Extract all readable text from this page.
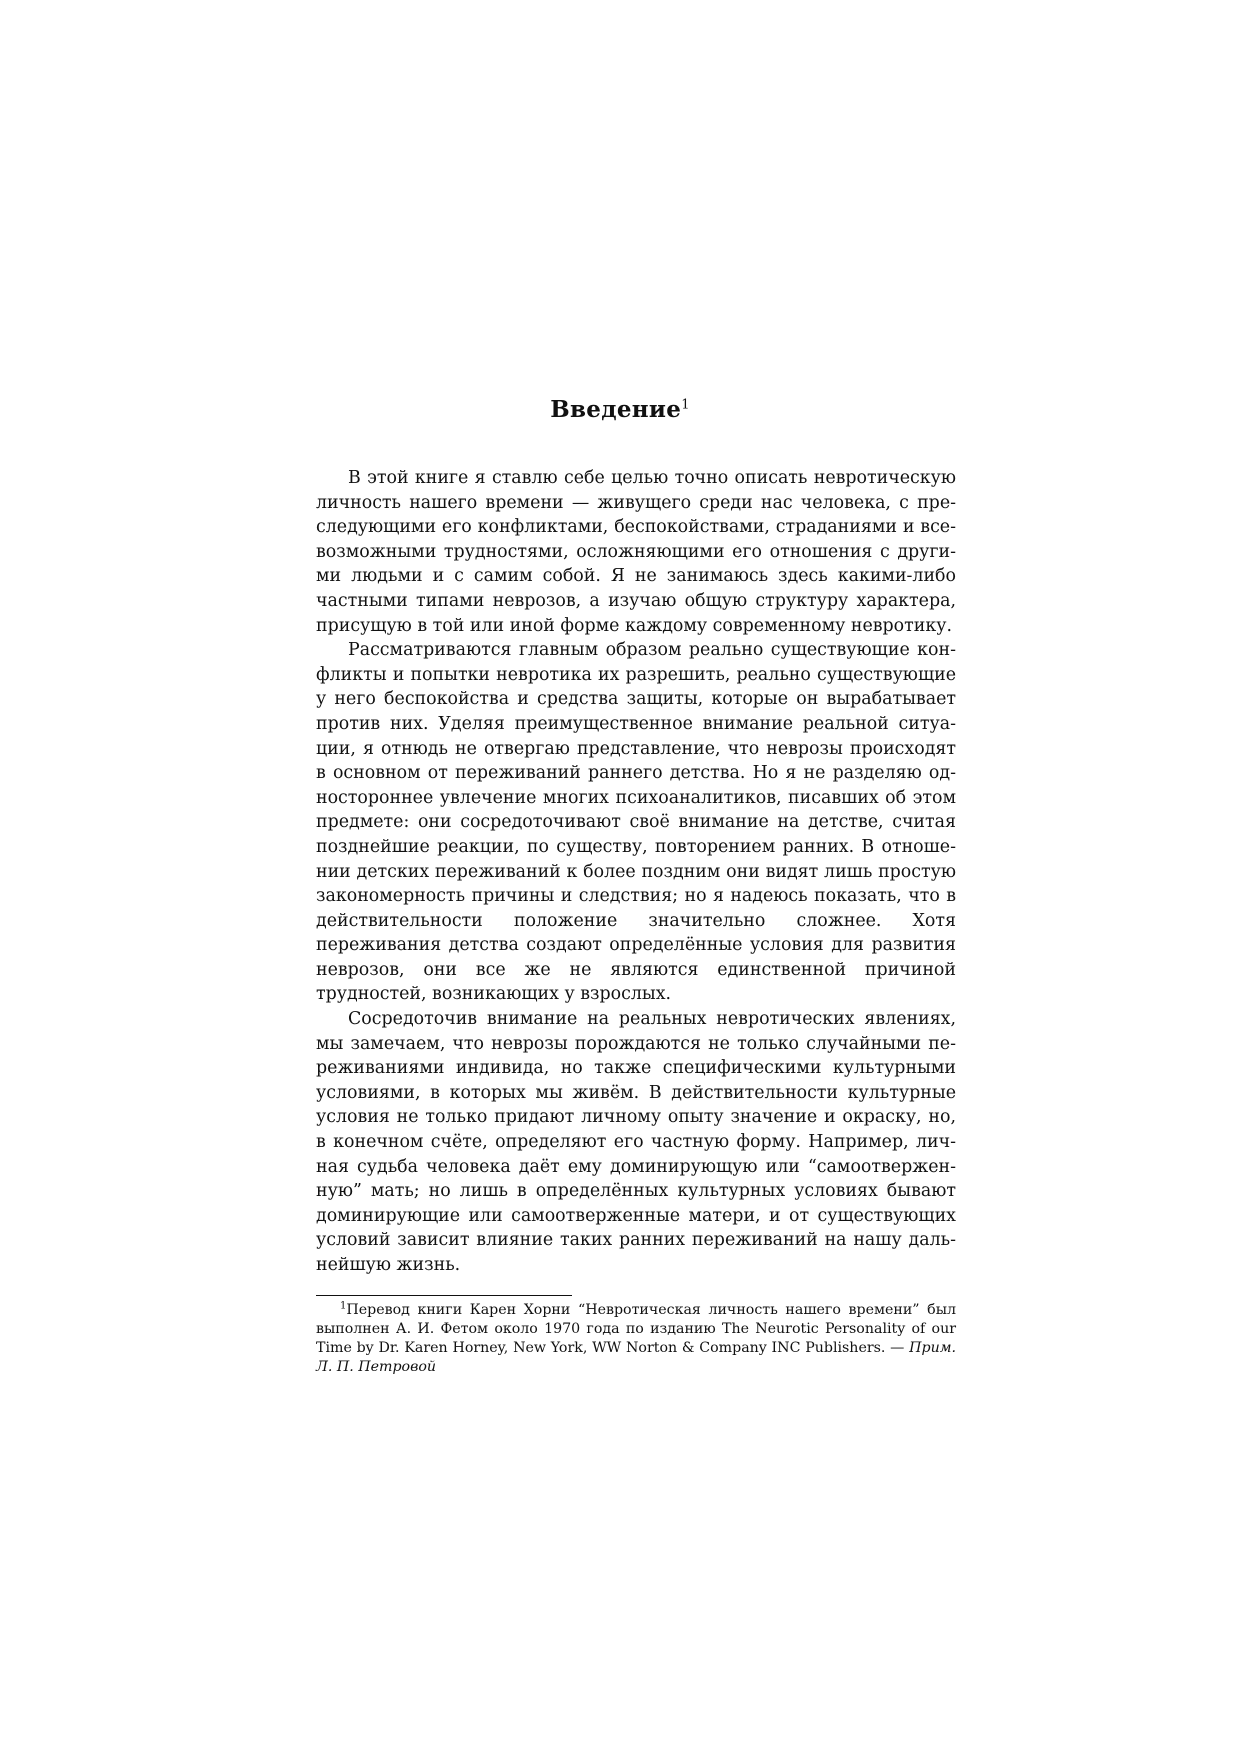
Введение$^1$

В этой книге я ставлю себе целью точно описать невротическую личность нашего времени — живущего среди нас человека, с преследующими его конфликтами, беспокойствами, страданиями и всевозможными трудностями, осложняющими его отношения с другими людьми и с самим собой. Я не занимаюсь здесь какими-либо частными типами неврозов, а изучаю общую структуру характера, присущую в той или иной форме каждому современному невротику.

Рассматриваются главным образом реально существующие конфликты и попытки невротика их разрешить, реально существующие у него беспокойства и средства защиты, которые он вырабатывает против них. Уделяя преимущественное внимание реальной ситуации, я отнюдь не отвергаю представление, что неврозы происходят в основном от переживаний раннего детства. Но я не разделяю одностороннее увлечение многих психоаналитиков, писавших об этом предмете: они сосредоточивают своё внимание на детстве, считая позднейшие реакции, по существу, повторением ранних. В отношении детских переживаний к более поздним они видят лишь простую закономерность причины и следствия; но я надеюсь показать, что в действительности положение значительно сложнее. Хотя переживания детства создают определённые условия для развития неврозов, они все же не являются единственной причиной трудностей, возникающих у взрослых.

Сосредоточив внимание на реальных невротических явлениях, мы замечаем, что неврозы порождаются не только случайными переживаниями индивида, но также специфическими культурными условиями, в которых мы живём. В действительности культурные условия не только придают личному опыту значение и окраску, но, в конечном счёте, определяют его частную форму. Например, личная судьба человека даёт ему доминирующую или “самоотверженную” мать; но лишь в определённых культурных условиях бывают доминирующие или самоотверженные матери, и от существующих условий зависит влияние таких ранних переживаний на нашу дальнейшую жизнь.

$^1$Перевод книги Карен Хорни “Невротическая личность нашего времени” был выполнен А. И. Фетом около 1970 года по изданию The Neurotic Personality of our Time by Dr. Karen Horney, New York, WW Norton & Company INC Publishers. — Прим. Л. П. Петровой
